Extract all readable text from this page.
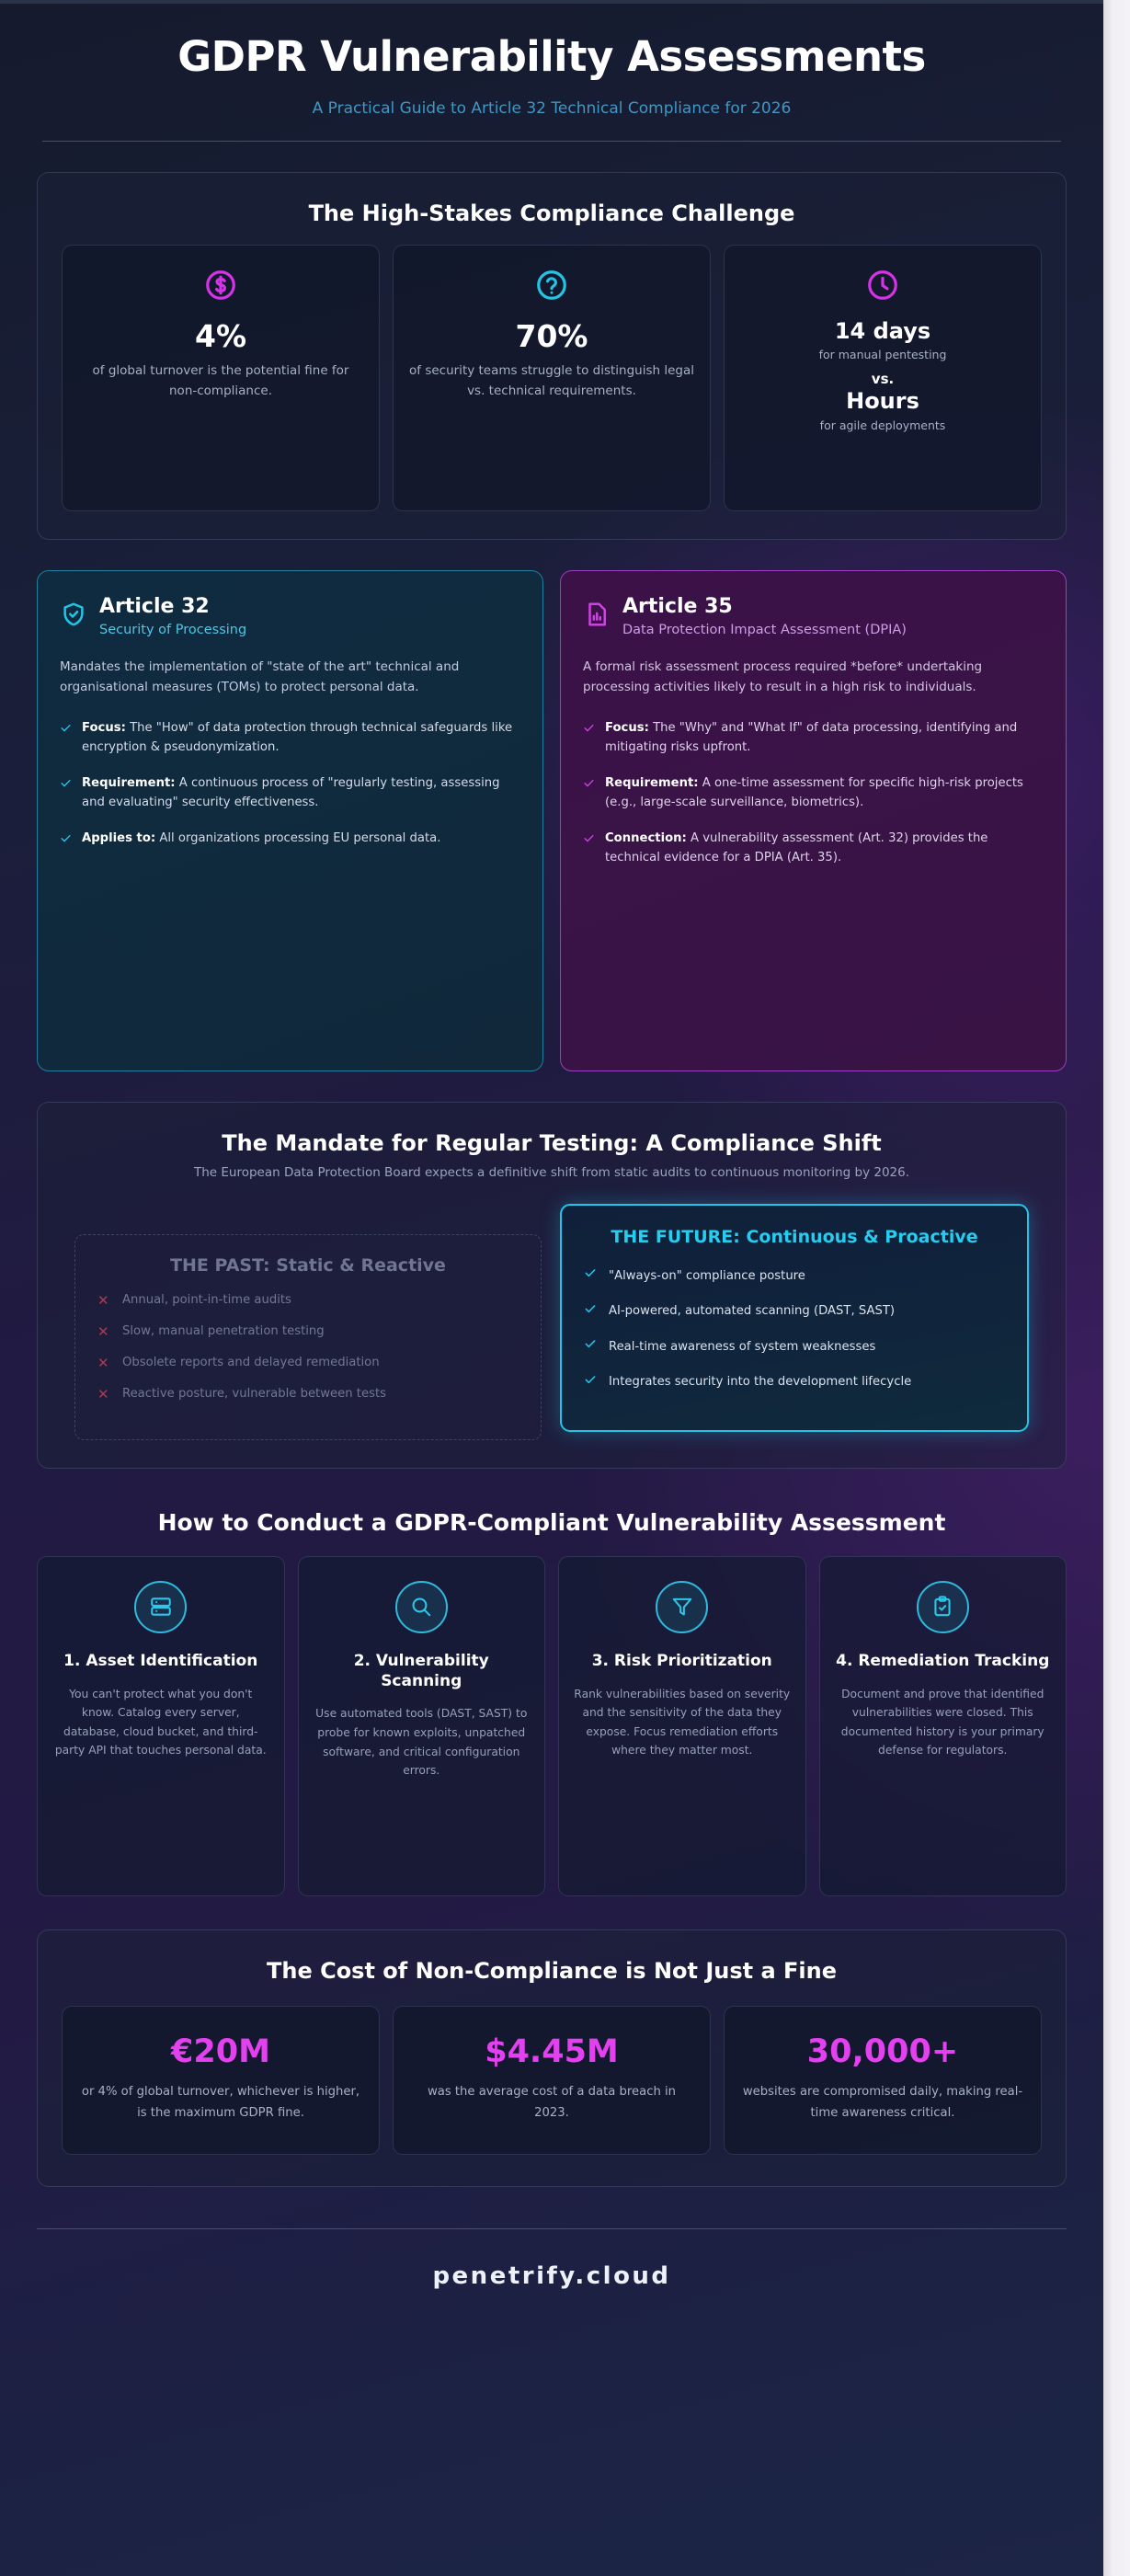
GDPR Vulnerability Assessments
A Practical Guide to Article 32 Technical Compliance for 2026
The High-Stakes Compliance Challenge
4%
of global turnover is the potential fine for non-compliance.
70%
of security teams struggle to distinguish legal vs. technical requirements.
14 days
for manual pentesting
vs.
Hours
for agile deployments
Article 32
Security of Processing
Mandates the implementation of "state of the art" technical and organisational measures (TOMs) to protect personal data.
Focus: The "How" of data protection through technical safeguards like encryption & pseudonymization.
Requirement: A continuous process of "regularly testing, assessing and evaluating" security effectiveness.
Applies to: All organizations processing EU personal data.
Article 35
Data Protection Impact Assessment (DPIA)
A formal risk assessment process required *before* undertaking processing activities likely to result in a high risk to individuals.
Focus: The "Why" and "What If" of data processing, identifying and mitigating risks upfront.
Requirement: A one-time assessment for specific high-risk projects (e.g., large-scale surveillance, biometrics).
Connection: A vulnerability assessment (Art. 32) provides the technical evidence for a DPIA (Art. 35).
The Mandate for Regular Testing: A Compliance Shift
The European Data Protection Board expects a definitive shift from static audits to continuous monitoring by 2026.
THE PAST: Static & Reactive
✕ Annual, point-in-time audits
✕ Slow, manual penetration testing
✕ Obsolete reports and delayed remediation
✕ Reactive posture, vulnerable between tests
THE FUTURE: Continuous & Proactive
"Always-on" compliance posture
AI-powered, automated scanning (DAST, SAST)
Real-time awareness of system weaknesses
Integrates security into the development lifecycle
How to Conduct a GDPR-Compliant Vulnerability Assessment
1. Asset Identification
You can't protect what you don't know. Catalog every server, database, cloud bucket, and third-party API that touches personal data.
2. Vulnerability Scanning
Use automated tools (DAST, SAST) to probe for known exploits, unpatched software, and critical configuration errors.
3. Risk Prioritization
Rank vulnerabilities based on severity and the sensitivity of the data they expose. Focus remediation efforts where they matter most.
4. Remediation Tracking
Document and prove that identified vulnerabilities were closed. This documented history is your primary defense for regulators.
The Cost of Non-Compliance is Not Just a Fine
€20M
or 4% of global turnover, whichever is higher, is the maximum GDPR fine.
$4.45M
was the average cost of a data breach in 2023.
30,000+
websites are compromised daily, making real-time awareness critical.
penetrify.cloud
